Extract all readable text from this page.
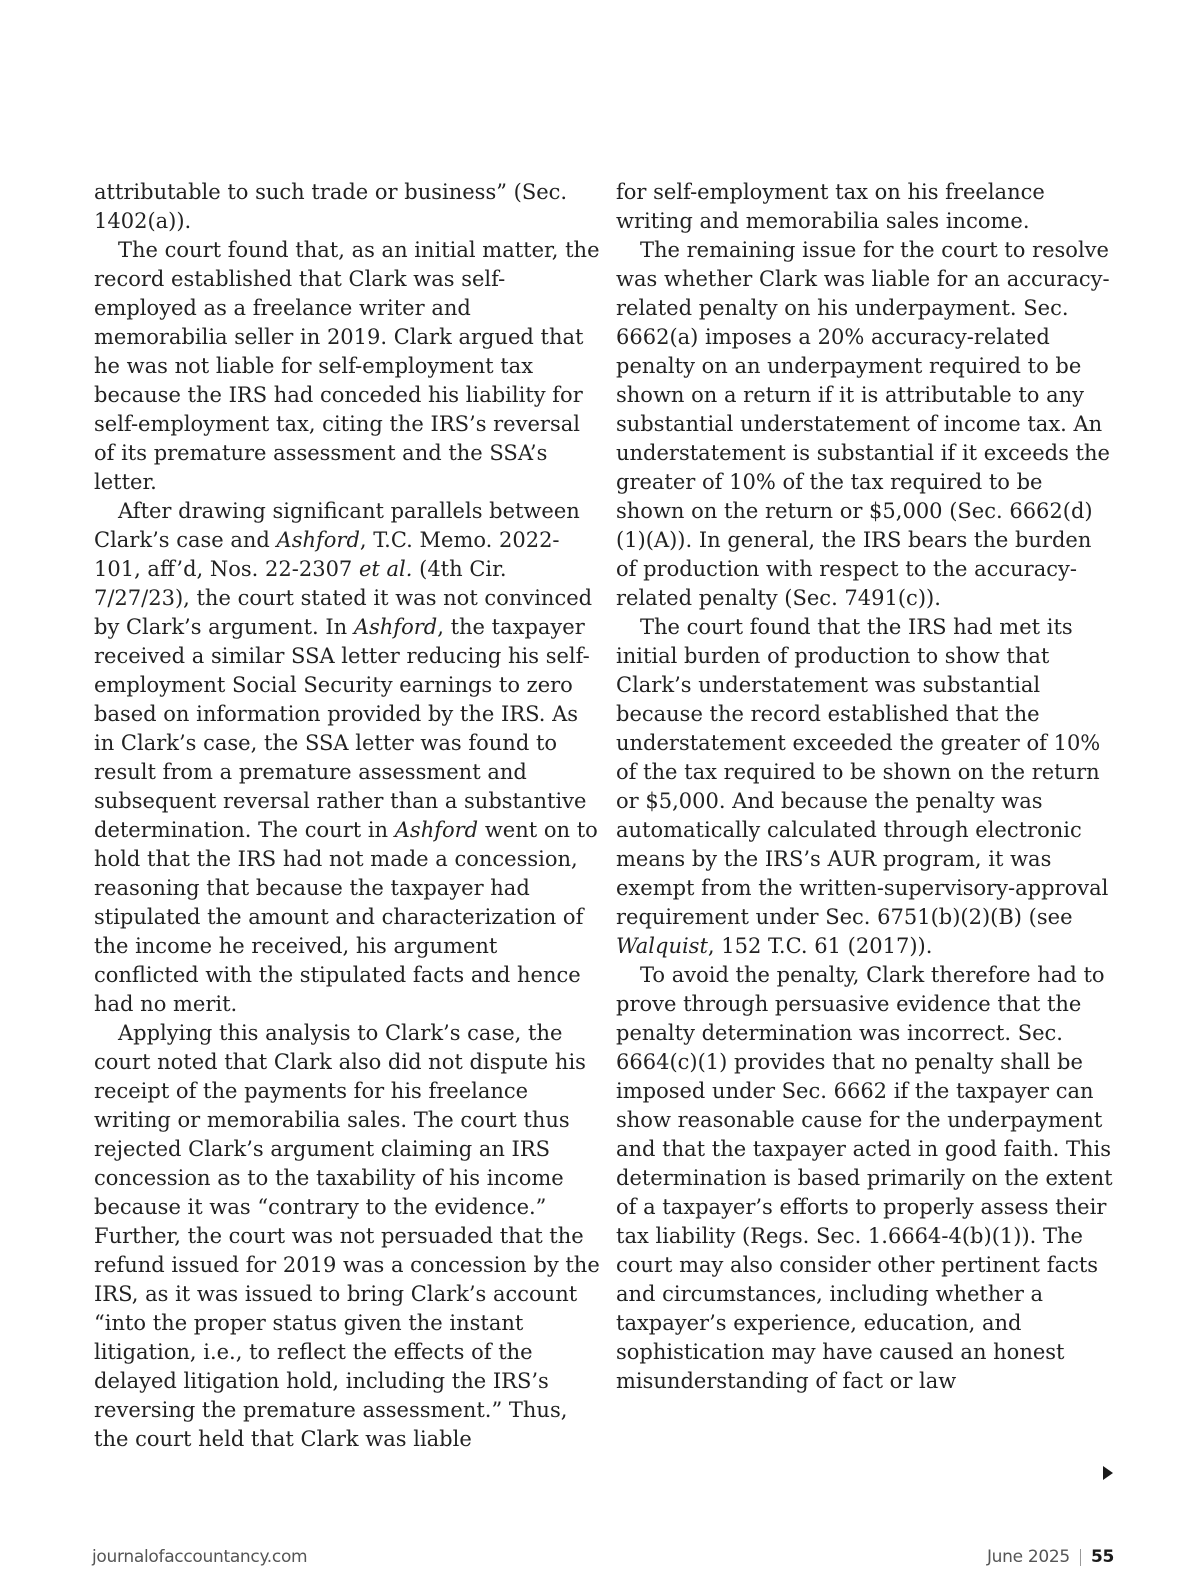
attributable to such trade or business” (Sec. 1402(a)).

The court found that, as an initial matter, the record established that Clark was self-employed as a freelance writer and memorabilia seller in 2019. Clark argued that he was not liable for self-employment tax because the IRS had conceded his liability for self-employment tax, citing the IRS’s reversal of its premature assessment and the SSA’s letter.

After drawing significant parallels between Clark’s case and Ashford, T.C. Memo. 2022-101, aff’d, Nos. 22-2307 et al. (4th Cir. 7/27/23), the court stated it was not convinced by Clark’s argument. In Ashford, the taxpayer received a similar SSA letter reducing his self-employment Social Security earnings to zero based on information provided by the IRS. As in Clark’s case, the SSA letter was found to result from a premature assessment and subsequent reversal rather than a substantive determination. The court in Ashford went on to hold that the IRS had not made a concession, reasoning that because the taxpayer had stipulated the amount and characterization of the income he received, his argument conflicted with the stipulated facts and hence had no merit.

Applying this analysis to Clark’s case, the court noted that Clark also did not dispute his receipt of the payments for his freelance writing or memorabilia sales. The court thus rejected Clark’s argument claiming an IRS concession as to the taxability of his income because it was “contrary to the evidence.” Further, the court was not persuaded that the refund issued for 2019 was a concession by the IRS, as it was issued to bring Clark’s account “into the proper status given the instant litigation, i.e., to reflect the effects of the delayed litigation hold, including the IRS’s reversing the premature assessment.” Thus, the court held that Clark was liable

for self-employment tax on his freelance writing and memorabilia sales income.

The remaining issue for the court to resolve was whether Clark was liable for an accuracy-related penalty on his underpayment. Sec. 6662(a) imposes a 20% accuracy-related penalty on an underpayment required to be shown on a return if it is attributable to any substantial understatement of income tax. An understatement is substantial if it exceeds the greater of 10% of the tax required to be shown on the return or $5,000 (Sec. 6662(d)(1)(A)). In general, the IRS bears the burden of production with respect to the accuracy-related penalty (Sec. 7491(c)).

The court found that the IRS had met its initial burden of production to show that Clark’s understatement was substantial because the record established that the understatement exceeded the greater of 10% of the tax required to be shown on the return or $5,000. And because the penalty was automatically calculated through electronic means by the IRS’s AUR program, it was exempt from the written-supervisory-approval requirement under Sec. 6751(b)(2)(B) (see Walquist, 152 T.C. 61 (2017)).

To avoid the penalty, Clark therefore had to prove through persuasive evidence that the penalty determination was incorrect. Sec. 6664(c)(1) provides that no penalty shall be imposed under Sec. 6662 if the taxpayer can show reasonable cause for the underpayment and that the taxpayer acted in good faith. This determination is based primarily on the extent of a taxpayer’s efforts to properly assess their tax liability (Regs. Sec. 1.6664-4(b)(1)). The court may also consider other pertinent facts and circumstances, including whether a taxpayer’s experience, education, and sophistication may have caused an honest misunderstanding of fact or law

journalofaccountancy.com	June 2025 55
